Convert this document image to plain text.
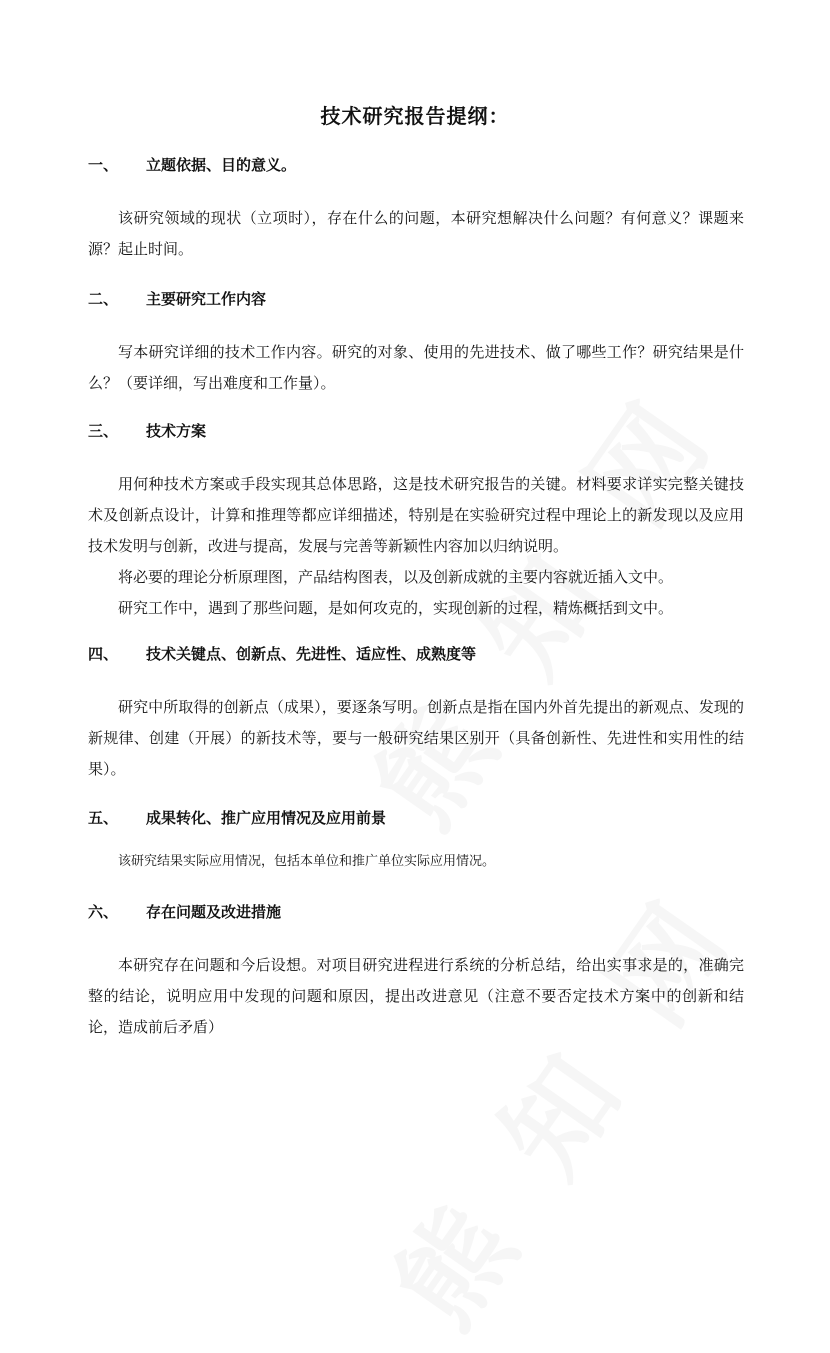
技术研究报告提纲：
一、 立题依据、目的意义。

该研究领域的现状（立项时），存在什么的问题，本研究想解决什么问题？有何意义？课题来源？起止时间。

二、 主要研究工作内容

写本研究详细的技术工作内容。研究的对象、使用的先进技术、做了哪些工作？研究结果是什么？（要详细，写出难度和工作量）。

三、 技术方案

用何种技术方案或手段实现其总体思路，这是技术研究报告的关键。材料要求详实完整关键技术及创新点设计，计算和推理等都应详细描述，特别是在实验研究过程中理论上的新发现以及应用技术发明与创新，改进与提高，发展与完善等新颖性内容加以归纳说明。

将必要的理论分析原理图，产品结构图表，以及创新成就的主要内容就近插入文中。

研究工作中，遇到了那些问题，是如何攻克的，实现创新的过程，精炼概括到文中。

四、 技术关键点、创新点、先进性、适应性、成熟度等

研究中所取得的创新点（成果），要逐条写明。创新点是指在国内外首先提出的新观点、发现的新规律、创建（开展）的新技术等，要与一般研究结果区别开（具备创新性、先进性和实用性的结果）。

五、 成果转化、推广应用情况及应用前景

该研究结果实际应用情况，包括本单位和推广单位实际应用情况。

六、 存在问题及改进措施

本研究存在问题和今后设想。对项目研究进程进行系统的分析总结，给出实事求是的，准确完整的结论，说明应用中发现的问题和原因，提出改进意见（注意不要否定技术方案中的创新和结论，造成前后矛盾）
